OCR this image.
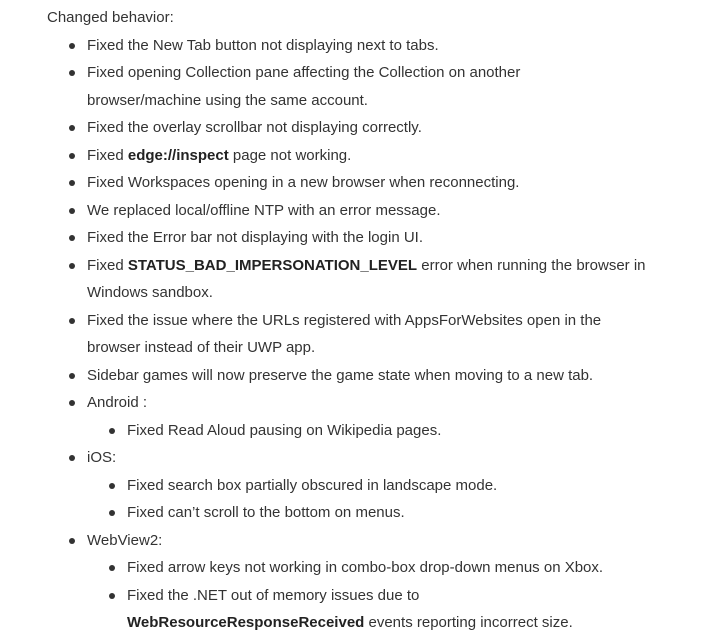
Changed behavior:
Fixed the New Tab button not displaying next to tabs.
Fixed opening Collection pane affecting the Collection on another
browser/machine using the same account.
Fixed the overlay scrollbar not displaying correctly.
Fixed edge://inspect page not working.
Fixed Workspaces opening in a new browser when reconnecting.
We replaced local/offline NTP with an error message.
Fixed the Error bar not displaying with the login UI.
Fixed STATUS_BAD_IMPERSONATION_LEVEL error when running the browser in
Windows sandbox.
Fixed the issue where the URLs registered with AppsForWebsites open in the
browser instead of their UWP app.
Sidebar games will now preserve the game state when moving to a new tab.
Android :
Fixed Read Aloud pausing on Wikipedia pages.
iOS:
Fixed search box partially obscured in landscape mode.
Fixed can’t scroll to the bottom on menus.
WebView2:
Fixed arrow keys not working in combo-box drop-down menus on Xbox.
Fixed the .NET out of memory issues due to
WebResourceResponseReceived events reporting incorrect size.
